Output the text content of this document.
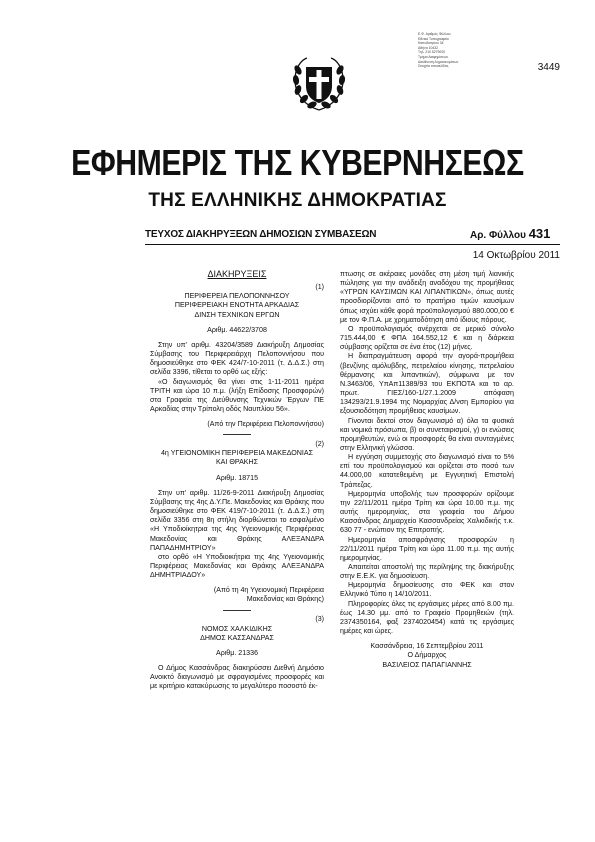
Ε.Φ. Αριθμός Φύλλου
Εθνικό Τυπογραφείο
Καποδιστρίου 34
Αθήνα 10432
Τηλ. 210 5279000
Τμήμα Διαφημίσεων
Διεύθυνση Δημοσιευμάτων
Στοιχεία ιστοσελίδας	3449
ΕΦΗΜΕΡΙΣ ΤΗΣ ΚΥΒΕΡΝΗΣΕΩΣ
ΤΗΣ ΕΛΛΗΝΙΚΗΣ ΔΗΜΟΚΡΑΤΙΑΣ
ΤΕΥΧΟΣ ΔΙΑΚΗΡΥΞΕΩΝ ΔΗΜΟΣΙΩΝ ΣΥΜΒΑΣΕΩΝ	Αρ. Φύλλου 431
14 Οκτωβρίου 2011
ΔΙΑΚΗΡΥΞΕΙΣ
(1)
ΠΕΡΙΦΕΡΕΙΑ ΠΕΛΟΠΟΝΝΗΣΟΥ
ΠΕΡΙΦΕΡΕΙΑΚΗ ΕΝΟΤΗΤΑ ΑΡΚΑΔΙΑΣ
ΔΙΝΣΗ ΤΕΧΝΙΚΩΝ ΕΡΓΩΝ
Αριθμ. 44622/3708

Στην υπ' αριθμ. 43204/3589 Διακήρυξη Δημοσίας Σύμβασης του Περιφερειάρχη Πελοποννήσου που δημοσιεύθηκε στο ΦΕΚ 424/7-10-2011 (τ. Δ.Δ.Σ.) στη σελίδα 3396, τίθεται το ορθό ως εξής:

«Ο διαγωνισμός θα γίνει στις 1-11-2011 ημέρα ΤΡΙΤΗ και ώρα 10 π.μ. (λήξη Επίδοσης Προσφορών) στα Γραφεία της Διεύθυνσης Τεχνικών Έργων ΠΕ Αρκαδίας στην Τρίπολη οδός Ναυπλίου 56».

(Από την Περιφέρεια Πελοποννήσου)
(2)
4η ΥΓΕΙΟΝΟΜΙΚΗ ΠΕΡΙΦΕΡΕΙΑ ΜΑΚΕΔΟΝΙΑΣ
ΚΑΙ ΘΡΑΚΗΣ
Αριθμ. 18715

Στην υπ' αριθμ. 11/26-9-2011 Διακήρυξη Δημοσίας Σύμβασης της 4ης Δ.Υ.Πε. Μακεδονίας και Θράκης που δημοσιεύθηκε στο ΦΕΚ 419/7-10-2011 (τ. Δ.Δ.Σ.) στη σελίδα 3356 στη 8η στήλη διορθώνεται το εσφαλμένο «Η Υποδιοίκητρια της 4ης Υγειονομικής Περιφέρειας Μακεδονίας και Θράκης ΑΛΕΞΑΝΔΡΑ ΠΑΠΑΔΗΜΗΤΡΙΟΥ»

στο ορθό «Η Υποδιοικήτρια της 4ης Υγειονομικής Περιφέρειας Μακεδονίας και Θράκης ΑΛΕΞΑΝΔΡΑ ΔΗΜΗΤΡΙΑΔΟΥ»

(Από τη 4η Υγειονομική Περιφέρεια
Μακεδονίας και Θράκης)
(3)
ΝΟΜΟΣ ΧΑΛΚΙΔΙΚΗΣ
ΔΗΜΟΣ ΚΑΣΣΑΝΔΡΑΣ
Αριθμ. 21336

Ο Δήμος Κασσάνδρας διακηρύσσει Διεθνή Δημόσιο Ανοικτό διαγωνισμό με σφραγισμένες προσφορές και με κριτήριο κατακύρωσης το μεγαλύτερο ποσοστό έκ-

πτωσης σε ακέραιες μονάδες στη μέση τιμή λιανικής πώλησης για την ανάδειξη αναδόχου της προμήθειας «ΥΓΡΩΝ ΚΑΥΣΙΜΩΝ ΚΑΙ ΛΙΠΑΝΤΙΚΩΝ», όπως αυτές προσδιορίζονται από το πρατήριο τιμών καυσίμων όπως ισχύει κάθε φορά προϋπολογισμού 880.000,00 € με τον Φ.Π.Α. με χρηματοδότηση από ίδιους πόρους.

Ο προϋπολογισμός ανέρχεται σε μερικό σύνολο 715.444,00 € ΦΠΑ 164.552,12 € και η διάρκεια σύμβασης ορίζεται σε ένα έτος (12) μήνες.

Η διαπραγμάτευση αφορά την αγορά-προμήθεια (βενζίνης αμόλυβδης, πετρελαίου κίνησης, πετρελαίου θέρμανσης και λιπαντικών), σύμφωνα με τον Ν.3463/06, ΥπΑπ11389/93 του ΕΚΠΟΤΑ και το αρ. πρωτ. ΓΙΕΣ/160-1/27.1.2009 απόφαση 134293/21.9.1994 της Νομαρχίας Δ/νση Εμπορίου για εξουσιοδότηση προμήθειας καυσίμων.

Γίνονται δεκτοί στον διαγωνισμό α) όλα τα φυσικά και νομικά πρόσωπα, β) οι συνεταιρισμοί, γ) οι ενώσεις προμηθευτών, ενώ οι προσφορές θα είναι συνταγμένες στην Ελληνική γλώσσα.

Η εγγύηση συμμετοχής στο διαγωνισμό είναι το 5% επί του προϋπολογισμού και ορίζεται στο ποσό των 44.000,00 κατατεθειμένη με Εγγυητική Επιστολή Τράπεζας.

Ημερομηνία υποβολής των προσφορών ορίζουμε την 22/11/2011 ημέρα Τρίτη και ώρα 10.00 π.μ. της αυτής ημερομηνίας, στα γραφεία του Δήμου Κασσάνδρας Δημαρχείο Κασσανδρείας Χαλκιδικής τ.κ. 630 77 - ενώπιον της Επιτροπής.

Ημερομηνία αποσφράγισης προσφορών η 22/11/2011 ημέρα Τρίτη και ώρα 11.00 π.μ. της αυτής ημερομηνίας.

Απαιτείται αποστολή της περίληψης της διακήρυξης στην Ε.Ε.Κ. για δημοσίευση.

Ημερομηνία δημοσίευσης στο ΦΕΚ και στον Ελληνικό Τύπο η 14/10/2011.

Πληροφορίες όλες τις εργάσιμες μέρες από 8.00 πμ. έως 14.30 μμ. από το Γραφείο Προμηθειών (τηλ. 2374350164, φαξ 2374020454) κατά τις εργάσιμες ημέρες και ώρες.

Κασσάνδρεια, 16 Σεπτεμβρίου 2011
Ο Δήμαρχος
ΒΑΣΙΛΕΙΟΣ ΠΑΠΑΓΙΑΝΝΗΣ
